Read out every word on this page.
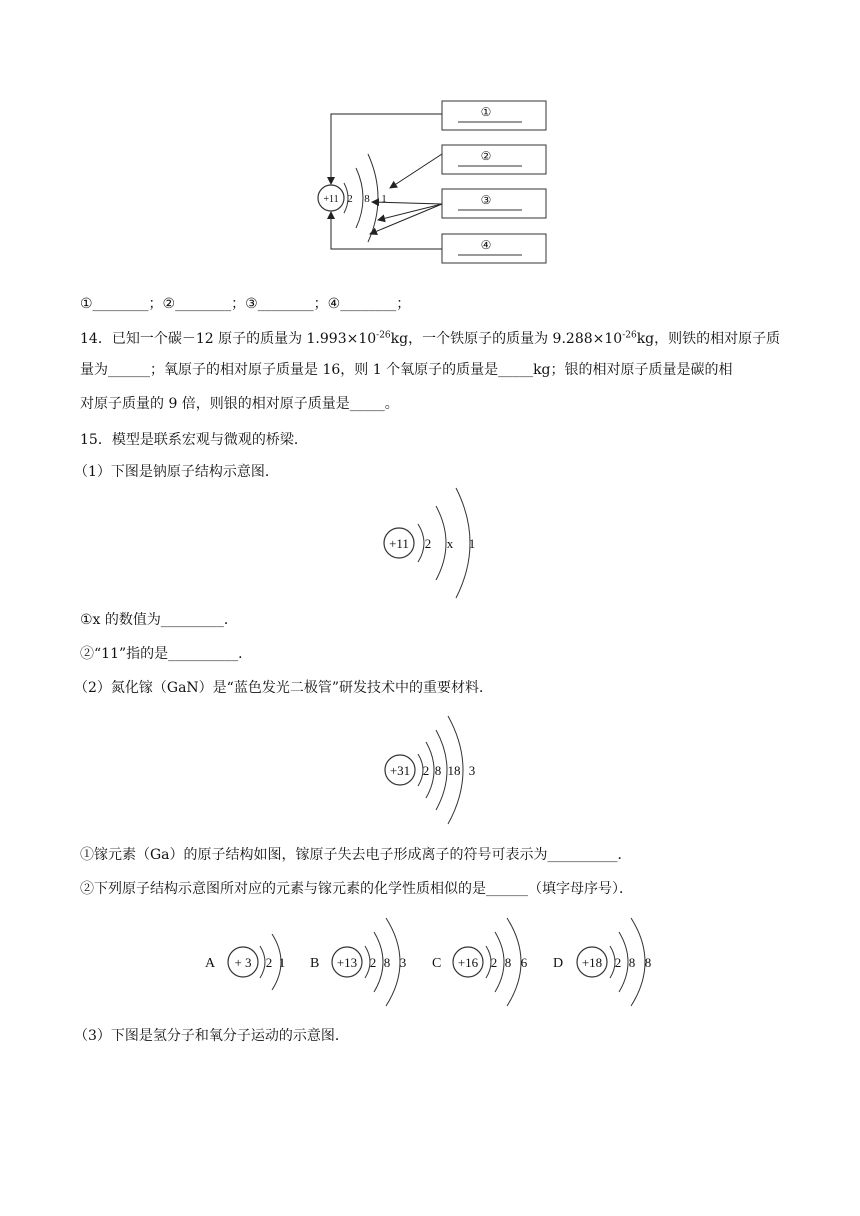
+11 2 8 1
①
②
③
④
①________；②________；③________；④________；
14．已知一个碳－12 原子的质量为 $1.993\times 10^{-26}kg$，一个铁原子的质量为 $9.288\times 10^{-26}kg$，则铁的相对原子质
量为______；氧原子的相对原子质量是 16，则 1 个氧原子的质量是_____kg；银的相对原子质量是碳的相
对原子质量的 9 倍，则银的相对原子质量是_____。
15．模型是联系宏观与微观的桥梁．
（1）下图是钠原子结构示意图．
+11 2 x 1
①x 的数值为_________．
②“11”指的是__________．
（2）氮化镓（GaN）是“蓝色发光二极管”研发技术中的重要材料．
+31 2 8 18 3
①镓元素（Ga）的原子结构如图，镓原子失去电子形成离子的符号可表示为__________．
②下列原子结构示意图所对应的元素与镓元素的化学性质相似的是______（填字母序号）．
A + 3 2 1 B +13 2 8 3 C +16 2 8 6 D +18 2 8 8
（3）下图是氢分子和氧分子运动的示意图．
